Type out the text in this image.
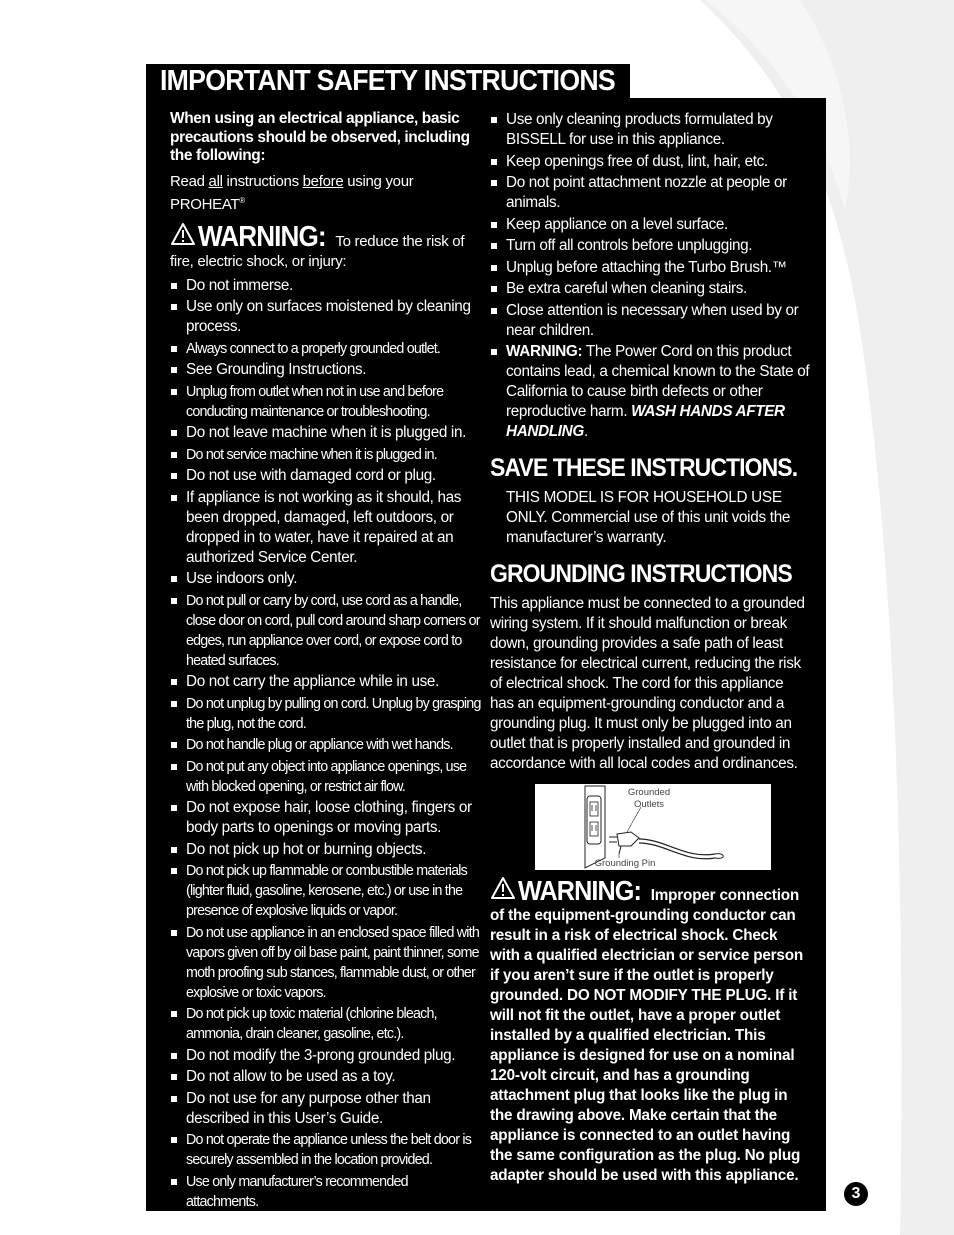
IMPORTANT SAFETY INSTRUCTIONS

When using an electrical appliance, basic precautions should be observed, including the following:

Read all instructions before using your PROHEAT®

WARNING: To reduce the risk of fire, electric shock, or injury:

Do not immerse.
Use only on surfaces moistened by cleaning process.
Always connect to a properly grounded outlet.
See Grounding Instructions.
Unplug from outlet when not in use and before conducting maintenance or troubleshooting.
Do not leave machine when it is plugged in.
Do not service machine when it is plugged in.
Do not use with damaged cord or plug.
If appliance is not working as it should, has been dropped, damaged, left outdoors, or dropped in to water, have it repaired at an authorized Service Center.
Use indoors only.
Do not pull or carry by cord, use cord as a handle, close door on cord, pull cord around sharp corners or edges, run appliance over cord, or expose cord to heated surfaces.
Do not carry the appliance while in use.
Do not unplug by pulling on cord. Unplug by grasping the plug, not the cord.
Do not handle plug or appliance with wet hands.
Do not put any object into appliance openings, use with blocked opening, or restrict air flow.
Do not expose hair, loose clothing, fingers or body parts to openings or moving parts.
Do not pick up hot or burning objects.
Do not pick up flammable or combustible materials (lighter fluid, gasoline, kerosene, etc.) or use in the presence of explosive liquids or vapor.
Do not use appliance in an enclosed space filled with vapors given off by oil base paint, paint thinner, some moth proofing sub stances, flammable dust, or other explosive or toxic vapors.
Do not pick up toxic material (chlorine bleach, ammonia, drain cleaner, gasoline, etc.).
Do not modify the 3-prong grounded plug.
Do not allow to be used as a toy.
Do not use for any purpose other than described in this User’s Guide.
Do not operate the appliance unless the belt door is securely assembled in the location provided.
Use only manufacturer’s recommended attachments.
Use only cleaning products formulated by BISSELL for use in this appliance.
Keep openings free of dust, lint, hair, etc.
Do not point attachment nozzle at people or animals.
Keep appliance on a level surface.
Turn off all controls before unplugging.
Unplug before attaching the Turbo Brush.™
Be extra careful when cleaning stairs.
Close attention is necessary when used by or near children.
WARNING: The Power Cord on this product contains lead, a chemical known to the State of California to cause birth defects or other reproductive harm. WASH HANDS AFTER HANDLING.
SAVE THESE INSTRUCTIONS.

THIS MODEL IS FOR HOUSEHOLD USE ONLY. Commercial use of this unit voids the manufacturer’s warranty.

GROUNDING INSTRUCTIONS

This appliance must be connected to a grounded wiring system. If it should malfunction or break down, grounding provides a safe path of least resistance for electrical current, reducing the risk of electrical shock. The cord for this appliance has an equipment-grounding conductor and a grounding plug. It must only be plugged into an outlet that is properly installed and grounded in accordance with all local codes and ordinances.

Grounded
Outlets
Grounding Pin

WARNING: Improper connection of the equipment-grounding conductor can result in a risk of electrical shock. Check with a qualified electrician or service person if you aren’t sure if the outlet is properly grounded. DO NOT MODIFY THE PLUG. If it will not fit the outlet, have a proper outlet installed by a qualified electrician. This appliance is designed for use on a nominal 120-volt circuit, and has a grounding attachment plug that looks like the plug in the drawing above. Make certain that the appliance is connected to an outlet having the same configuration as the plug. No plug adapter should be used with this appliance.

3
